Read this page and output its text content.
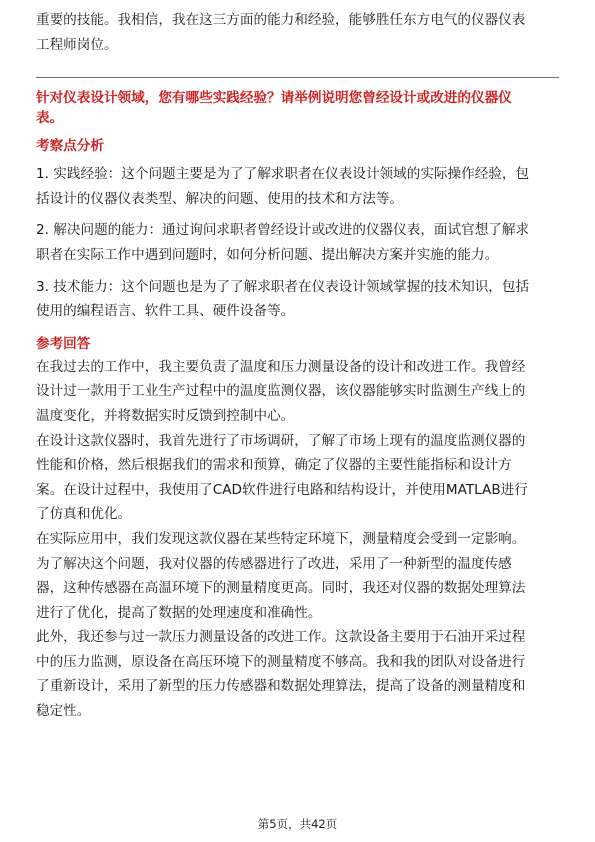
重要的技能。我相信，我在这三方面的能力和经验，能够胜任东方电气的仪器仪表

工程师岗位。

针对仪表设计领域，您有哪些实践经验？请举例说明您曾经设计或改进的仪器仪
表。
考察点分析

1. 实践经验：这个问题主要是为了了解求职者在仪表设计领域的实际操作经验，包

括设计的仪器仪表类型、解决的问题、使用的技术和方法等。

2. 解决问题的能力：通过询问求职者曾经设计或改进的仪器仪表，面试官想了解求

职者在实际工作中遇到问题时，如何分析问题、提出解决方案并实施的能力。

3. 技术能力：这个问题也是为了了解求职者在仪表设计领域掌握的技术知识，包括

使用的编程语言、软件工具、硬件设备等。

参考回答

在我过去的工作中，我主要负责了温度和压力测量设备的设计和改进工作。我曾经

设计过一款用于工业生产过程中的温度监测仪器，该仪器能够实时监测生产线上的

温度变化，并将数据实时反馈到控制中心。

在设计这款仪器时，我首先进行了市场调研，了解了市场上现有的温度监测仪器的

性能和价格，然后根据我们的需求和预算，确定了仪器的主要性能指标和设计方

案。在设计过程中，我使用了CAD软件进行电路和结构设计，并使用MATLAB进行

了仿真和优化。

在实际应用中，我们发现这款仪器在某些特定环境下，测量精度会受到一定影响。

为了解决这个问题，我对仪器的传感器进行了改进，采用了一种新型的温度传感

器，这种传感器在高温环境下的测量精度更高。同时，我还对仪器的数据处理算法

进行了优化，提高了数据的处理速度和准确性。

此外，我还参与过一款压力测量设备的改进工作。这款设备主要用于石油开采过程

中的压力监测，原设备在高压环境下的测量精度不够高。我和我的团队对设备进行

了重新设计，采用了新型的压力传感器和数据处理算法，提高了设备的测量精度和

稳定性。

第5页，共42页
